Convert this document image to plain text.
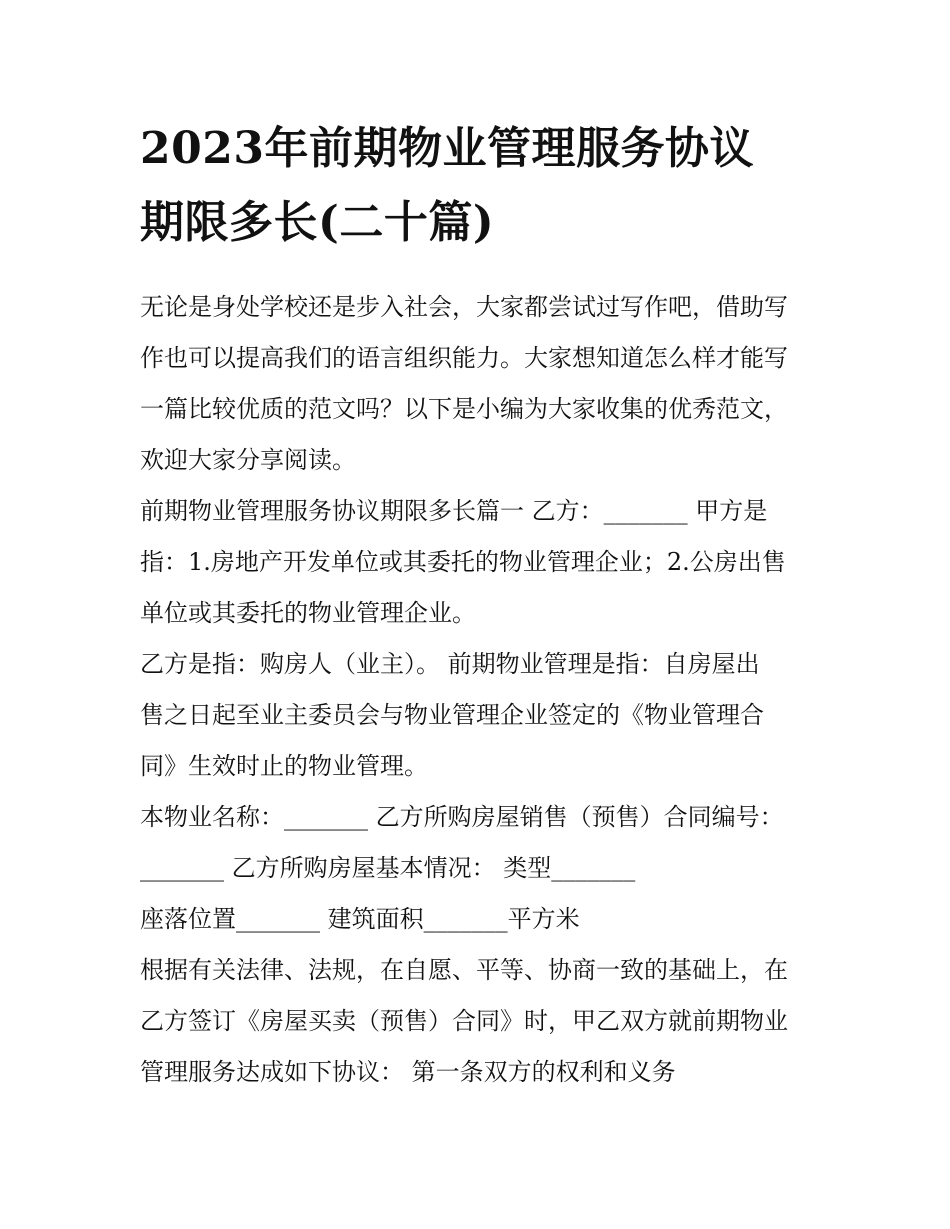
2023年前期物业管理服务协议
期限多长(二十篇)

无论是身处学校还是步入社会，大家都尝试过写作吧，借助写
作也可以提高我们的语言组织能力。大家想知道怎么样才能写
一篇比较优质的范文吗？以下是小编为大家收集的优秀范文，
欢迎大家分享阅读。

前期物业管理服务协议期限多长篇一 乙方：_______ 甲方是
指：1.房地产开发单位或其委托的物业管理企业；2.公房出售
单位或其委托的物业管理企业。

乙方是指：购房人（业主）。 前期物业管理是指：自房屋出
售之日起至业主委员会与物业管理企业签定的《物业管理合
同》生效时止的物业管理。

本物业名称：_______ 乙方所购房屋销售（预售）合同编号：
_______ 乙方所购房屋基本情况： 类型_______

座落位置_______ 建筑面积_______平方米

根据有关法律、法规，在自愿、平等、协商一致的基础上，在
乙方签订《房屋买卖（预售）合同》时，甲乙双方就前期物业
管理服务达成如下协议： 第一条双方的权利和义务
